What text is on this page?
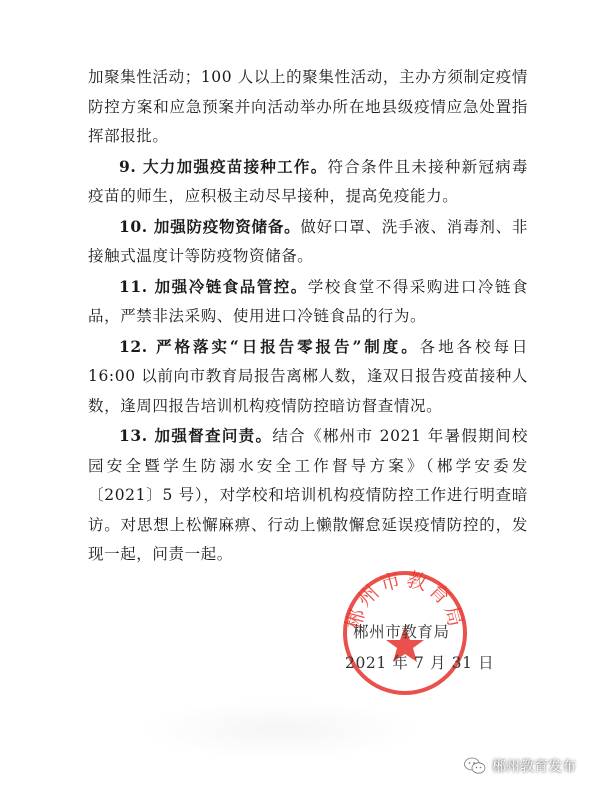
加聚集性活动；100 人以上的聚集性活动，主办方须制定疫情防控方案和应急预案并向活动举办所在地县级疫情应急处置指挥部报批。

9. 大力加强疫苗接种工作。符合条件且未接种新冠病毒疫苗的师生，应积极主动尽早接种，提高免疫能力。

10. 加强防疫物资储备。做好口罩、洗手液、消毒剂、非接触式温度计等防疫物资储备。

11. 加强冷链食品管控。学校食堂不得采购进口冷链食品，严禁非法采购、使用进口冷链食品的行为。

12. 严格落实“日报告零报告”制度。各地各校每日 16:00 以前向市教育局报告离郴人数，逢双日报告疫苗接种人数，逢周四报告培训机构疫情防控暗访督查情况。

13. 加强督查问责。结合《郴州市 2021 年暑假期间校园安全暨学生防溺水安全工作督导方案》（郴学安委发〔2021〕5 号），对学校和培训机构疫情防控工作进行明查暗访。对思想上松懈麻痹、行动上懒散懈怠延误疫情防控的，发现一起，问责一起。

郴州市教育局
郴州市教育局
2021 年 7 月 31 日
郴州教育发布
